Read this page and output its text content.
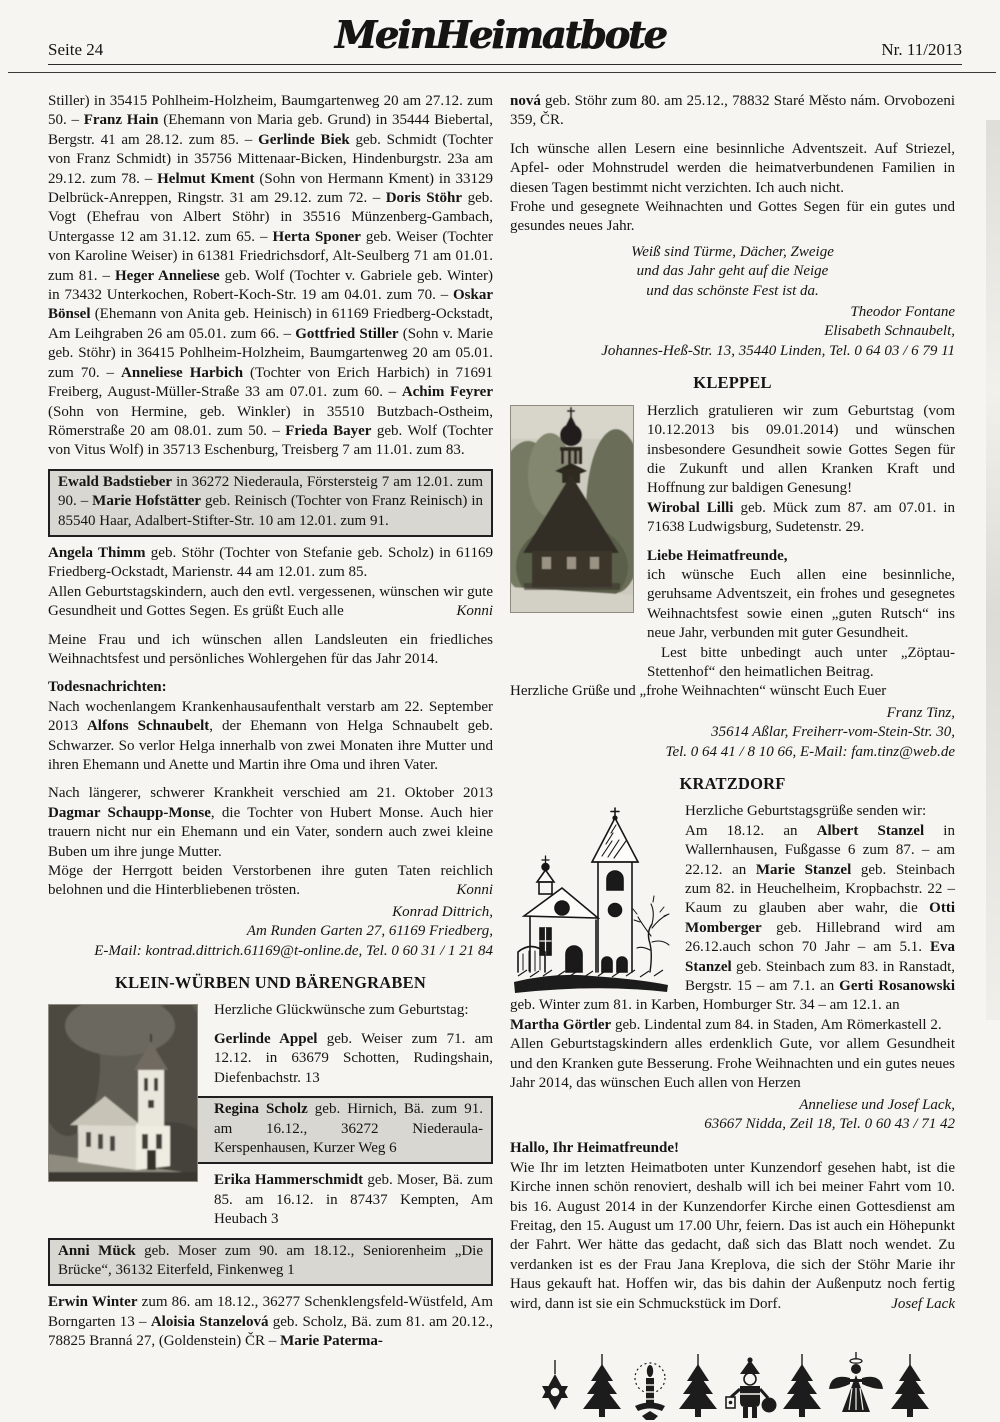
Seite 24	MeinHeimatbote	Nr. 11/2013

Stiller) in 35415 Pohlheim-Holzheim, Baumgartenweg 20 am 27.12. zum 50. – Franz Hain (Ehemann von Maria geb. Grund) in 35444 Biebertal, Bergstr. 41 am 28.12. zum 85. – Gerlinde Biek geb. Schmidt (Tochter von Franz Schmidt) in 35756 Mittenaar-Bicken, Hindenburgstr. 23a am 29.12. zum 78. – Helmut Kment (Sohn von Hermann Kment) in 33129 Delbrück-Anreppen, Ringstr. 31 am 29.12. zum 72. – Doris Stöhr geb. Vogt (Ehefrau von Albert Stöhr) in 35516 Münzenberg-Gambach, Untergasse 12 am 31.12. zum 65. – Herta Sponer geb. Weiser (Tochter von Karoline Weiser) in 61381 Friedrichsdorf, Alt-Seulberg 71 am 01.01. zum 81. – Heger Anneliese geb. Wolf (Tochter v. Gabriele geb. Winter) in 73432 Unterkochen, Robert-Koch-Str. 19 am 04.01. zum 70. – Oskar Bönsel (Ehemann von Anita geb. Heinisch) in 61169 Friedberg-Ockstadt, Am Leihgraben 26 am 05.01. zum 66. – Gottfried Stiller (Sohn v. Marie geb. Stöhr) in 36415 Pohlheim-Holzheim, Baumgartenweg 20 am 05.01. zum 70. – Anneliese Harbich (Tochter von Erich Harbich) in 71691 Freiberg, August-Müller-Straße 33 am 07.01. zum 60. – Achim Feyrer (Sohn von Hermine, geb. Winkler) in 35510 Butzbach-Ostheim, Römerstraße 20 am 08.01. zum 50. – Frieda Bayer geb. Wolf (Tochter von Vitus Wolf) in 35713 Eschenburg, Treisberg 7 am 11.01. zum 83.

Ewald Badstieber in 36272 Niederaula, Förstersteig 7 am 12.01. zum 90. – Marie Hofstätter geb. Reinisch (Tochter von Franz Reinisch) in 85540 Haar, Adalbert-Stifter-Str. 10 am 12.01. zum 91.

Angela Thimm geb. Stöhr (Tochter von Stefanie geb. Scholz) in 61169 Friedberg-Ockstadt, Marienstr. 44 am 12.01. zum 85.

Allen Geburtstagskindern, auch den evtl. vergessenen, wünschen wir gute Gesundheit und Gottes Segen. Es grüßt Euch alle	Konni

Meine Frau und ich wünschen allen Landsleuten ein friedliches Weihnachtsfest und persönliches Wohlergehen für das Jahr 2014.

Todesnachrichten:

Nach wochenlangem Krankenhausaufenthalt verstarb am 22. September 2013 Alfons Schnaubelt, der Ehemann von Helga Schnaubelt geb. Schwarzer. So verlor Helga innerhalb von zwei Monaten ihre Mutter und ihren Ehemann und Anette und Martin ihre Oma und ihren Vater.

Nach längerer, schwerer Krankheit verschied am 21. Oktober 2013 Dagmar Schaupp-Monse, die Tochter von Hubert Monse. Auch hier trauern nicht nur ein Ehemann und ein Vater, sondern auch zwei kleine Buben um ihre junge Mutter.

Möge der Herrgott beiden Verstorbenen ihre guten Taten reichlich belohnen und die Hinterbliebenen trösten.	Konni

Konrad Dittrich,
Am Runden Garten 27, 61169 Friedberg,
E-Mail: kontrad.dittrich.61169@t-online.de, Tel. 0 60 31 / 1 21 84
KLEIN-WÜRBEN UND BÄRENGRABEN

Herzliche Glückwünsche zum Geburtstag:

Gerlinde Appel geb. Weiser zum 71. am 12.12. in 63679 Schotten, Rudingshain, Diefenbachstr. 13

Regina Scholz geb. Hirnich, Bä. zum 91. am 16.12., 36272 Niederaula-Kerspenhausen, Kurzer Weg 6

Erika Hammerschmidt geb. Moser, Bä. zum 85. am 16.12. in 87437 Kempten, Am Heubach 3

Anni Mück geb. Moser zum 90. am 18.12., Seniorenheim „Die Brücke“, 36132 Eiterfeld, Finkenweg 1

Erwin Winter zum 86. am 18.12., 36277 Schenklengsfeld-Wüstfeld, Am Borngarten 13 – Aloisia Stanzelová geb. Scholz, Bä. zum 81. am 20.12., 78825 Branná 27, (Goldenstein) ČR – Marie Paterma-

nová geb. Stöhr zum 80. am 25.12., 78832 Staré Město nám. Orvobozeni 359, ČR.

Ich wünsche allen Lesern eine besinnliche Adventszeit. Auf Striezel, Apfel- oder Mohnstrudel werden die heimatverbundenen Familien in diesen Tagen bestimmt nicht verzichten. Ich auch nicht.

Frohe und gesegnete Weihnachten und Gottes Segen für ein gutes und gesundes neues Jahr.

Weiß sind Türme, Dächer, Zweige
und das Jahr geht auf die Neige
und das schönste Fest ist da.
Theodor Fontane
Elisabeth Schnaubelt,
Johannes-Heß-Str. 13, 35440 Linden, Tel. 0 64 03 / 6 79 11
KLEPPEL

Herzlich gratulieren wir zum Geburtstag (vom 10.12.2013 bis 09.01.2014) und wünschen insbesondere Gesundheit sowie Gottes Segen für die Zukunft und allen Kranken Kraft und Hoffnung zur baldigen Genesung!

Wirobal Lilli geb. Mück zum 87. am 07.01. in 71638 Ludwigsburg, Sudetenstr. 29.

Liebe Heimatfreunde,

ich wünsche Euch allen eine besinnliche, geruhsame Adventszeit, ein frohes und gesegnetes Weihnachtsfest sowie einen „guten Rutsch“ ins neue Jahr, verbunden mit guter Gesundheit.

Lest bitte unbedingt auch unter „Zöptau-Stettenhof“ den heimatlichen Beitrag.

Herzliche Grüße und „frohe Weihnachten“ wünscht Euch Euer

Franz Tinz,
35614 Aßlar, Freiherr-vom-Stein-Str. 30,
Tel. 0 64 41 / 8 10 66, E-Mail: fam.tinz@web.de
KRATZDORF

Herzliche Geburtstagsgrüße senden wir:

Am 18.12. an Albert Stanzel in Wallernhausen, Fußgasse 6 zum 87. – am 22.12. an Marie Stanzel geb. Steinbach zum 82. in Heuchelheim, Kropbachstr. 22 – Kaum zu glauben aber wahr, die Otti Momberger geb. Hillebrand wird am 26.12.auch schon 70 Jahr – am 5.1. Eva Stanzel geb. Steinbach zum 83. in Ranstadt, Bergstr. 15 – am 7.1. an Gerti Rosanowski geb. Winter zum 81. in Karben, Homburger Str. 34 – am 12.1. an

Martha Görtler geb. Lindental zum 84. in Staden, Am Römerkastell 2.

Allen Geburtstagskindern alles erdenklich Gute, vor allem Gesundheit und den Kranken gute Besserung. Frohe Weihnachten und ein gutes neues Jahr 2014, das wünschen Euch allen von Herzen

Anneliese und Josef Lack,
63667 Nidda, Zeil 18, Tel. 0 60 43 / 71 42

Hallo, Ihr Heimatfreunde!

Wie Ihr im letzten Heimatboten unter Kunzendorf gesehen habt, ist die Kirche innen schön renoviert, deshalb will ich bei meiner Fahrt vom 10. bis 16. August 2014 in der Kunzendorfer Kirche einen Gottesdienst am Freitag, den 15. August um 17.00 Uhr, feiern. Das ist auch ein Höhepunkt der Fahrt. Wer hätte das gedacht, daß sich das Blatt noch wendet. Zu verdanken ist es der Frau Jana Kreplova, die sich der Stöhr Marie ihr Haus gekauft hat. Hoffen wir, das bis dahin der Außenputz noch fertig wird, dann ist sie ein Schmuckstück im Dorf.	Josef Lack
